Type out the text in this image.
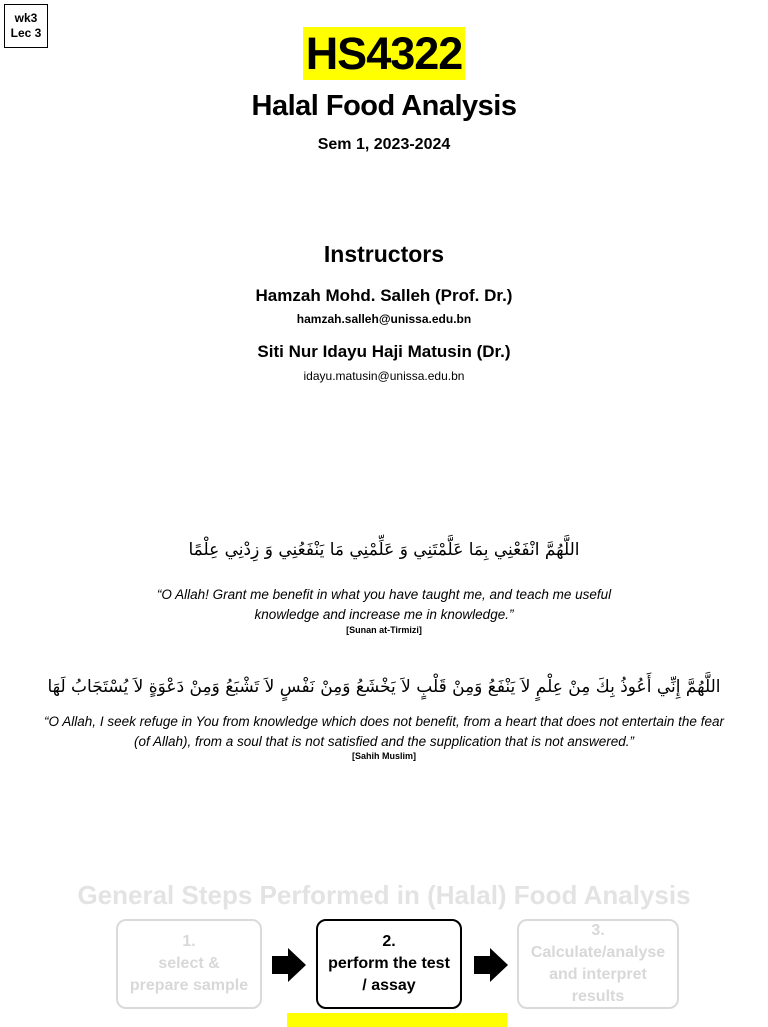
wk3
Lec 3	HS4322
Halal Food Analysis
Sem 1, 2023-2024
Instructors
Hamzah Mohd. Salleh (Prof. Dr.)
hamzah.salleh@unissa.edu.bn
Siti Nur Idayu Haji Matusin (Dr.)
idayu.matusin@unissa.edu.bn
اللَّهُمَّ انْفَعْنِي بِمَا عَلَّمْتَنِي وَ عَلِّمْنِي مَا يَنْفَعُنِي وَ زِدْنِي عِلْمًا
“O Allah! Grant me benefit in what you have taught me, and teach me useful knowledge and increase me in knowledge.”
[Sunan at-Tirmizi]
اللَّهُمَّ إِنِّي أَعُوذُ بِكَ مِنْ عِلْمٍ لاَ يَنْفَعُ وَمِنْ قَلْبٍ لاَ يَخْشَعُ وَمِنْ نَفْسٍ لاَ تَشْبَعُ وَمِنْ دَعْوَةٍ لاَ يُسْتَجَابُ لَهَا
“O Allah, I seek refuge in You from knowledge which does not benefit, from a heart that does not entertain the fear (of Allah), from a soul that is not satisfied and the supplication that is not answered.”
[Sahih Muslim]
General Steps Performed in (Halal) Food Analysis
1.
select & prepare sample
2.
perform the test / assay
3.
Calculate/analyse and interpret results
